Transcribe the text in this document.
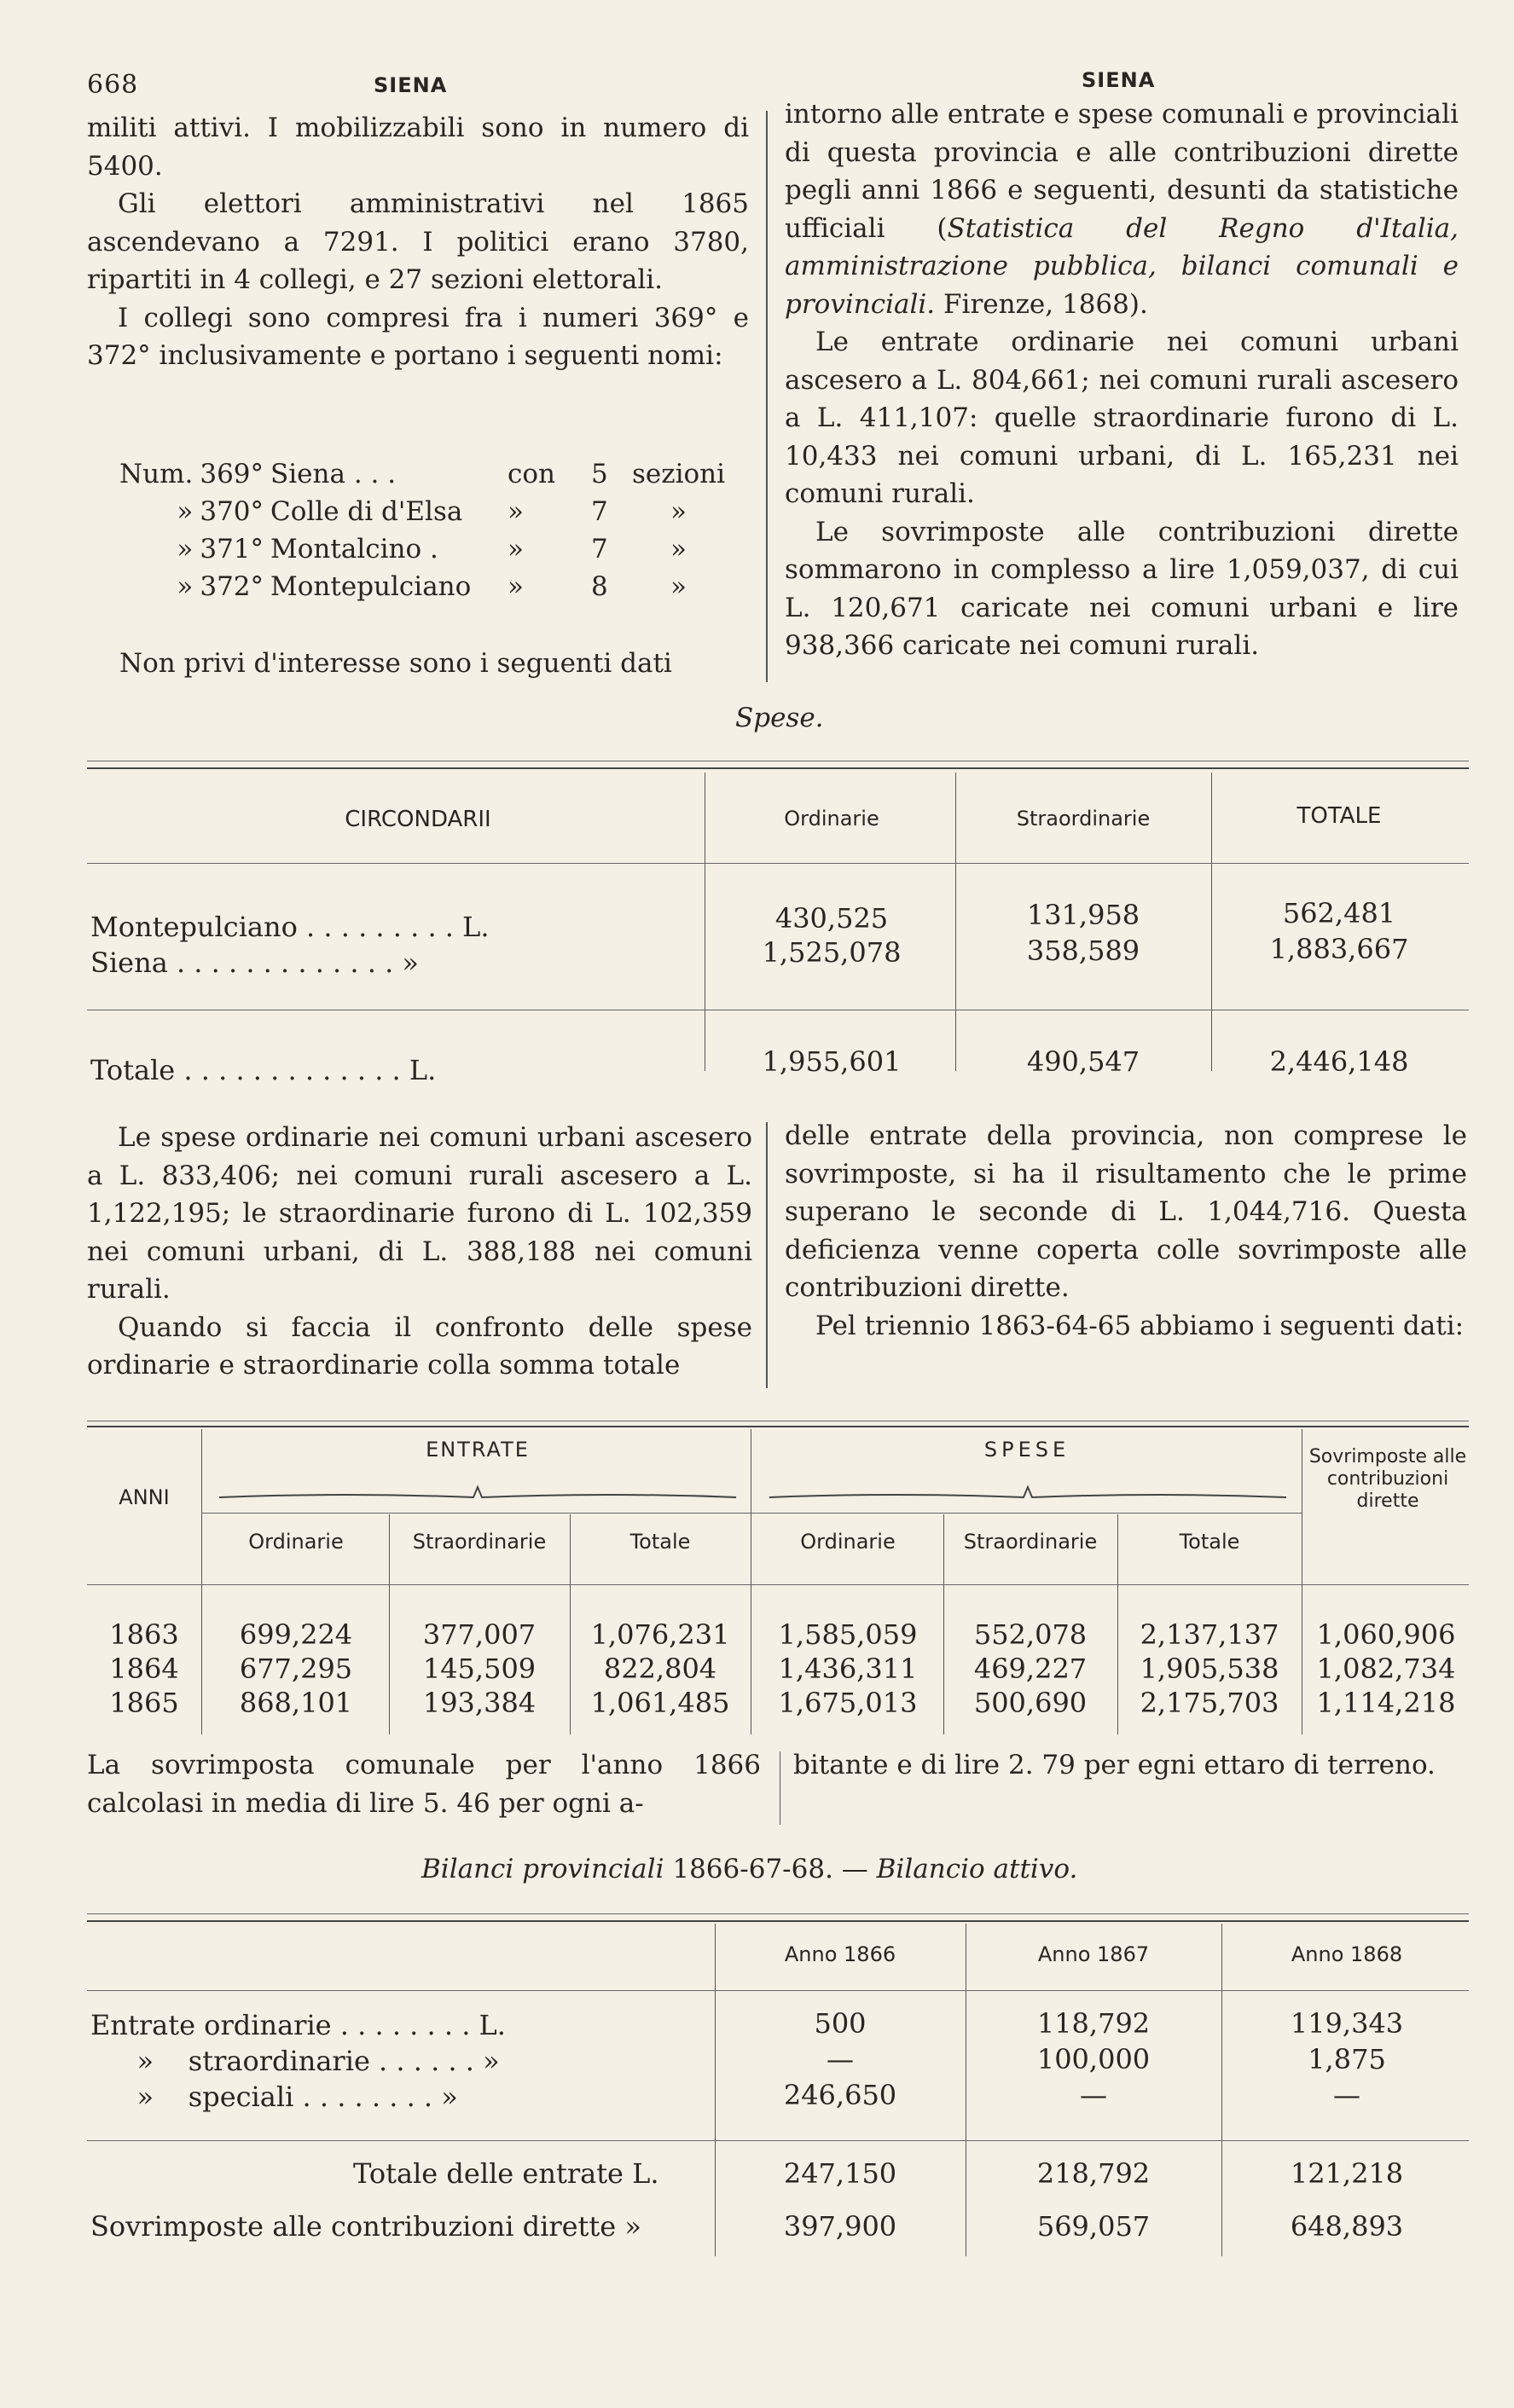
668	SIENA	SIENA

militi attivi. I mobilizzabili sono in numero di 5400.

Gli elettori amministrativi nel 1865 ascendevano a 7291. I politici erano 3780, ripartiti in 4 collegi, e 27 sezioni elettorali.

I collegi sono compresi fra i numeri 369° e 372° inclusivamente e portano i seguenti nomi:

Num.	369°	Siena . . .	con	5	sezioni
»	370°	Colle di d'Elsa	»	7	»
»	371°	Montalcino .	»	7	»
»	372°	Montepulciano	»	8	»
Non privi d'interesse sono i seguenti dati

intorno alle entrate e spese comunali e provinciali di questa provincia e alle contribuzioni dirette pegli anni 1866 e seguenti, desunti da statistiche ufficiali (Statistica del Regno d'Italia, amministrazione pubblica, bilanci comunali e provinciali. Firenze, 1868).

Le entrate ordinarie nei comuni urbani ascesero a L. 804,661; nei comuni rurali ascesero a L. 411,107: quelle straordinarie furono di L. 10,433 nei comuni urbani, di L. 165,231 nei comuni rurali.

Le sovrimposte alle contribuzioni dirette sommarono in complesso a lire 1,059,037, di cui L. 120,671 caricate nei comuni urbani e lire 938,366 caricate nei comuni rurali.

Spese.
CIRCONDARII	Ordinarie	Straordinarie	TOTALE
Montepulciano . . . . . . . . . L.	430,525	131,958	562,481
Siena . . . . . . . . . . . . . »	1,525,078	358,589	1,883,667
Totale . . . . . . . . . . . . . L.	1,955,601	490,547	2,446,148

Le spese ordinarie nei comuni urbani ascesero a L. 833,406; nei comuni rurali ascesero a L. 1,122,195; le straordinarie furono di L. 102,359 nei comuni urbani, di L. 388,188 nei comuni rurali.

Quando si faccia il confronto delle spese ordinarie e straordinarie colla somma totale

delle entrate della provincia, non comprese le sovrimposte, si ha il risultamento che le prime superano le seconde di L. 1,044,716. Questa deficienza venne coperta colle sovrimposte alle contribuzioni dirette.

Pel triennio 1863-64-65 abbiamo i seguenti dati:

ANNI
ENTRATE	SPESE	Sovrimposte alle contribuzioni dirette
Ordinarie	Straordinarie	Totale	Ordinarie	Straordinarie	Totale
1863	699,224	377,007	1,076,231	1,585,059	552,078	2,137,137	1,060,906
1864	677,295	145,509	822,804	1,436,311	469,227	1,905,538	1,082,734
1865	868,101	193,384	1,061,485	1,675,013	500,690	2,175,703	1,114,218
La sovrimposta comunale per l'anno 1866 calcolasi in media di lire 5. 46 per ogni a-
bitante e di lire 2. 79 per egni ettaro di terreno.
Bilanci provinciali 1866-67-68. — Bilancio attivo.
Anno 1866	Anno 1867	Anno 1868
Entrate ordinarie . . . . . . . . L.	500	118,792	119,343
»    straordinarie . . . . . . »	—	100,000	1,875
»    speciali . . . . . . . . »	246,650	—	—
Totale delle entrate L.	247,150	218,792	121,218
Sovrimposte alle contribuzioni dirette »	397,900	569,057	648,893
